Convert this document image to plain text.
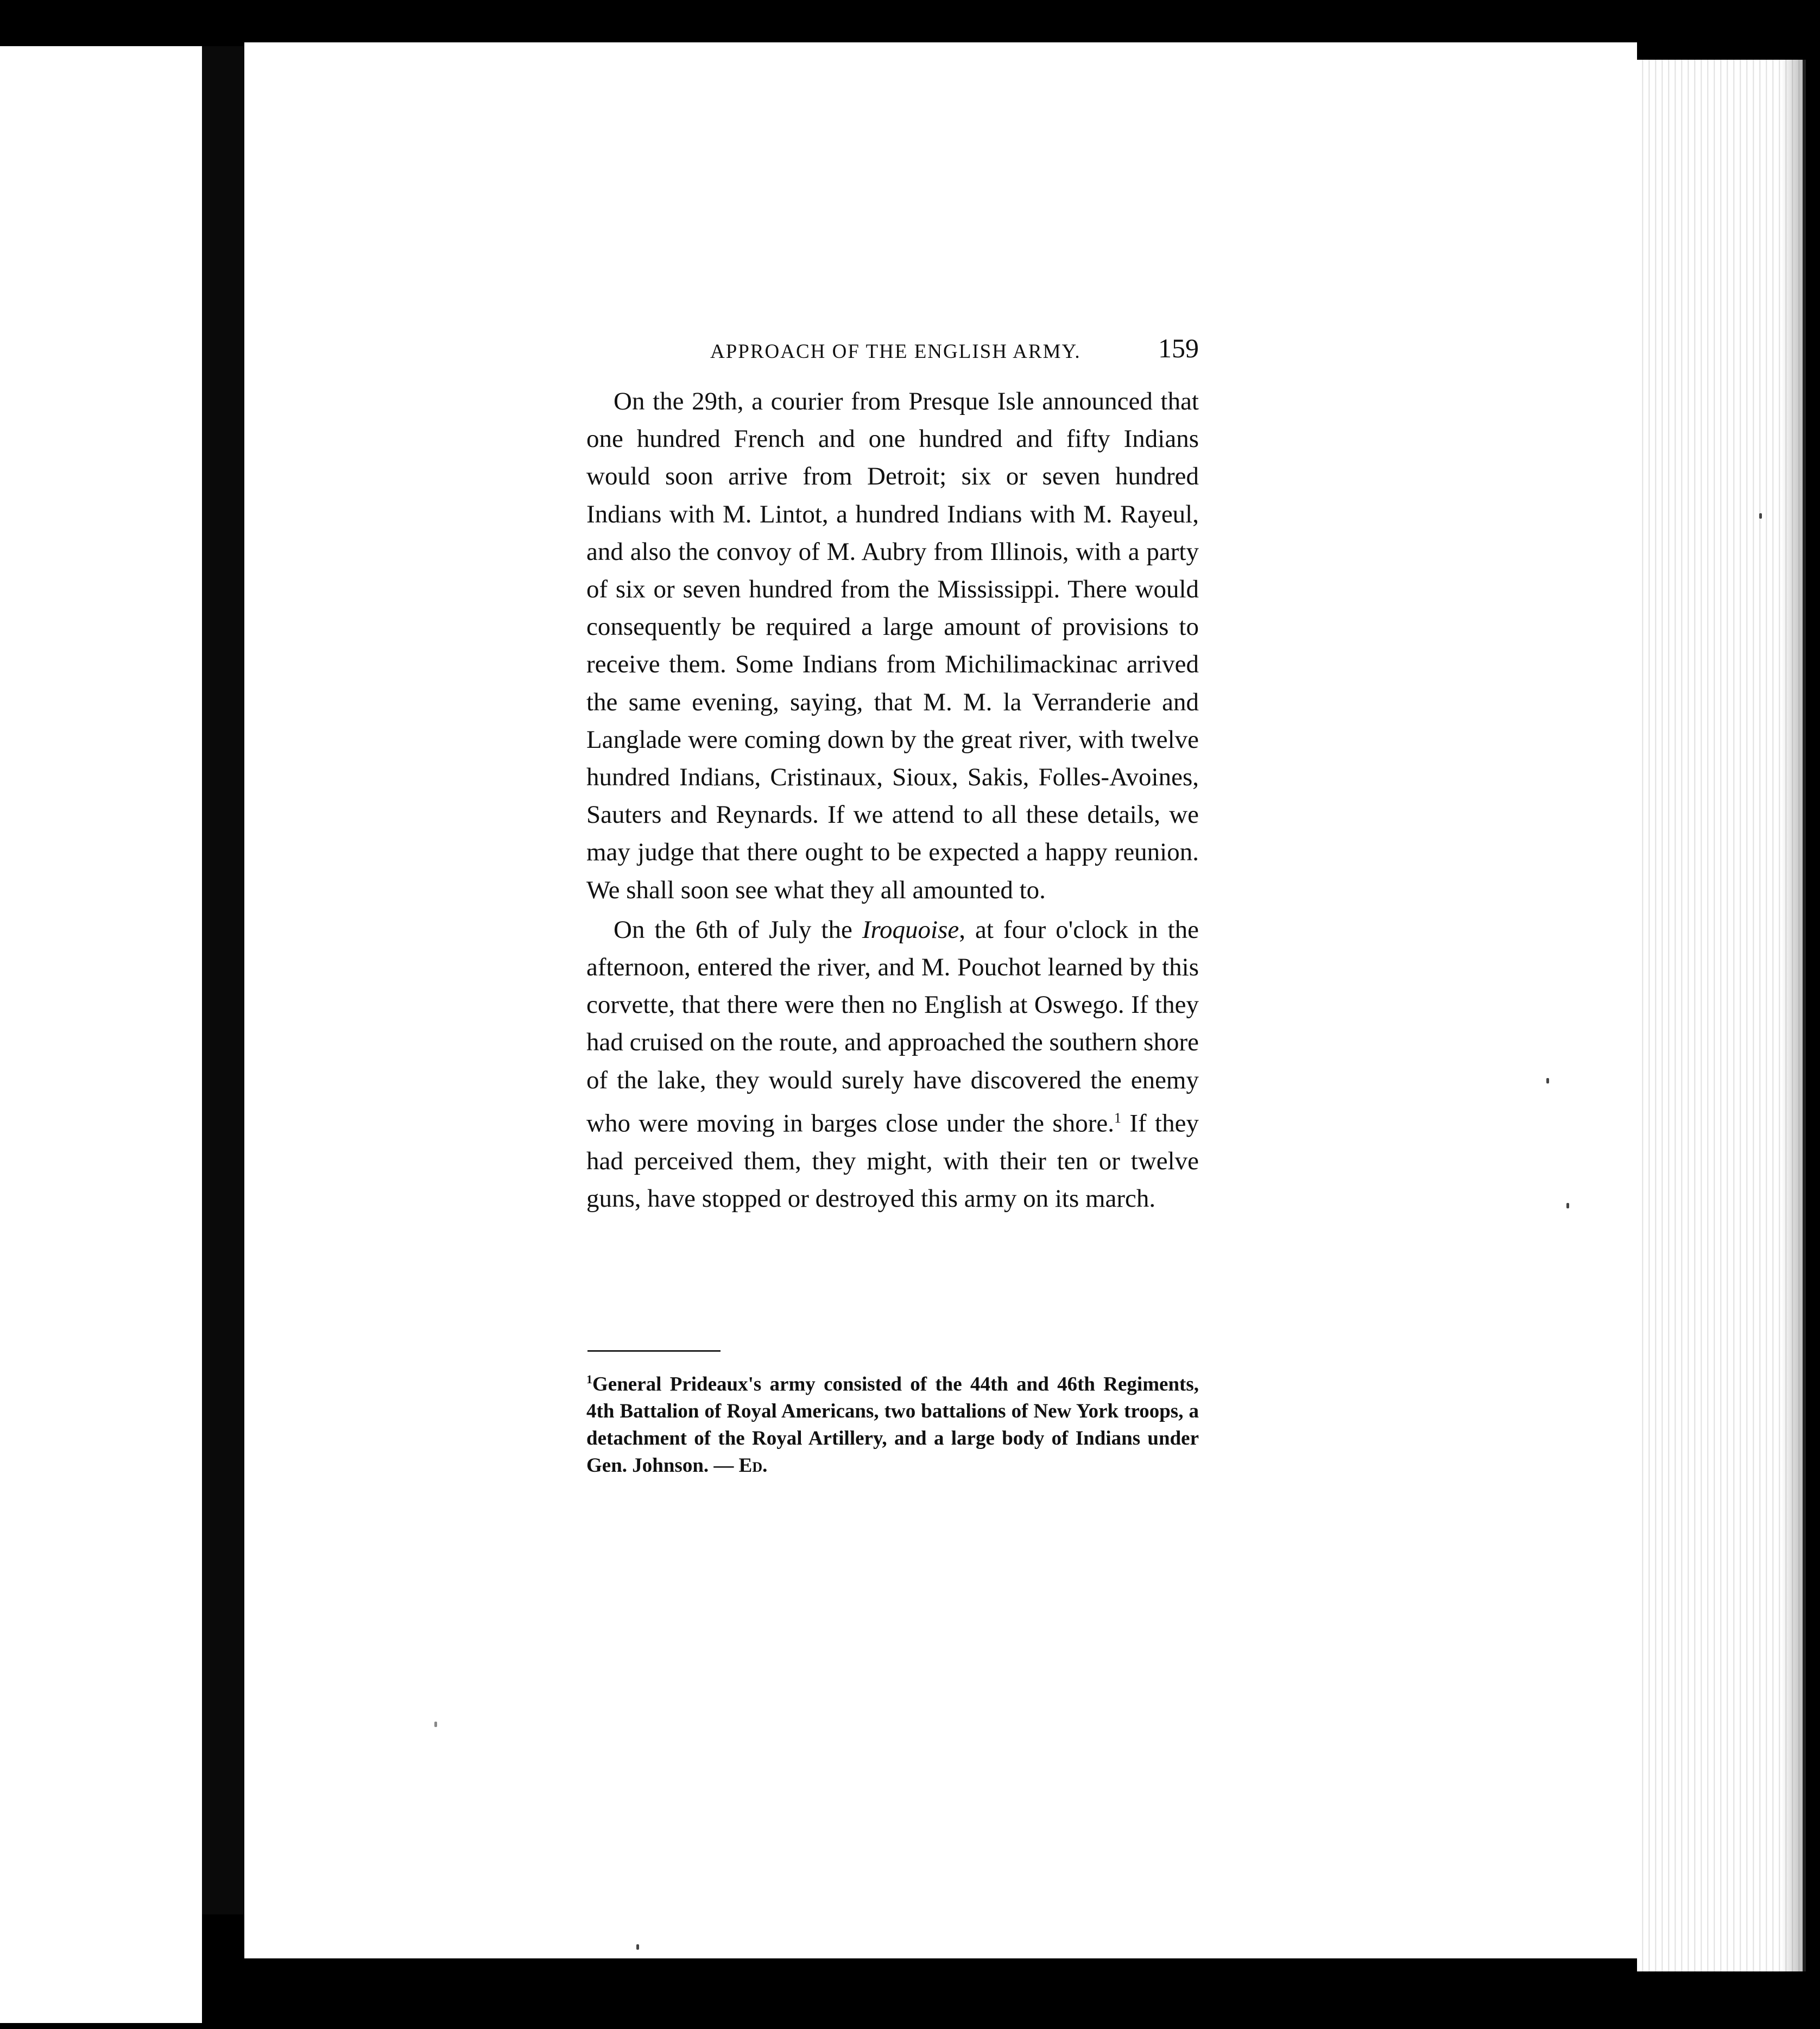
APPROACH OF THE ENGLISH ARMY.	159

On the 29th, a courier from Presque Isle announced that one hundred French and one hundred and fifty Indians would soon arrive from Detroit; six or seven hundred Indians with M. Lintot, a hundred Indians with M. Rayeul, and also the convoy of M. Aubry from Illinois, with a party of six or seven hundred from the Mississippi. There would consequently be required a large amount of provisions to receive them. Some Indians from Michilimackinac arrived the same evening, saying, that M. M. la Verranderie and Langlade were coming down by the great river, with twelve hundred Indians, Cristinaux, Sioux, Sakis, Folles-Avoines, Sauters and Reynards. If we attend to all these details, we may judge that there ought to be expected a happy reunion. We shall soon see what they all amounted to.

On the 6th of July the Iroquoise, at four o'clock in the afternoon, entered the river, and M. Pouchot learned by this corvette, that there were then no English at Oswego. If they had cruised on the route, and approached the southern shore of the lake, they would surely have discovered the enemy who were moving in barges close under the shore.$^1$ If they had perceived them, they might, with their ten or twelve guns, have stopped or destroyed this army on its march.

$^1$General Prideaux's army consisted of the 44th and 46th Regiments, 4th Battalion of Royal Americans, two battalions of New York troops, a detachment of the Royal Artillery, and a large body of Indians under Gen. Johnson. — Ed.
